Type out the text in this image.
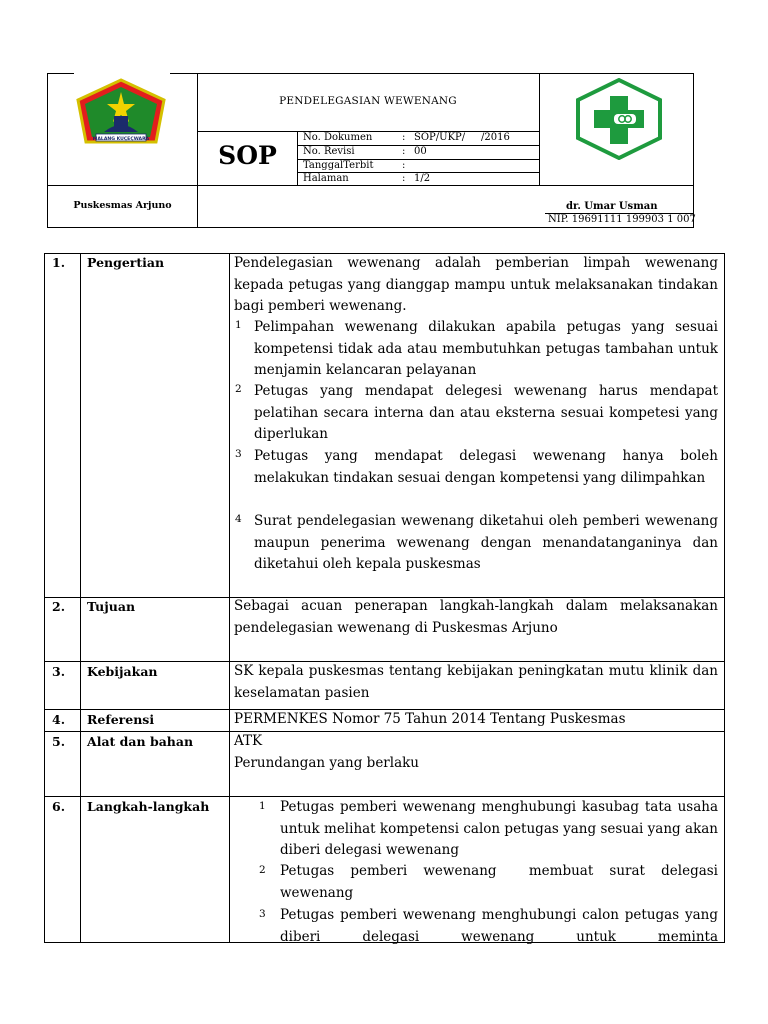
MALANG KUÇEÇWARA
PENDELEGASIAN WEWENANG
SOP
No. Dokumen	: SOP/UKP/     /2016
No. Revisi	: 00
TanggalTerbit	:
Halaman	: 1/2
Puskesmas Arjuno	dr. Umar Usman
NIP. 19691111 199903 1 007
1. Pengertian	Pendelegasian wewenang adalah pemberian limpah wewenang kepada petugas yang dianggap mampu untuk melaksanakan tindakan bagi pemberi wewenang.
1 Pelimpahan wewenang dilakukan apabila petugas yang sesuai kompetensi tidak ada atau membutuhkan petugas tambahan untuk menjamin kelancaran pelayanan
2 Petugas yang mendapat delegesi wewenang harus mendapat pelatihan secara interna dan atau eksterna sesuai kompetesi yang diperlukan
3 Petugas yang mendapat delegasi wewenang hanya boleh melakukan tindakan sesuai dengan kompetensi yang dilimpahkan
4 Surat pendelegasian wewenang diketahui oleh pemberi wewenang maupun penerima wewenang dengan menandatanganinya dan diketahui oleh kepala puskesmas
2. Tujuan	Sebagai acuan penerapan langkah-langkah dalam melaksanakan pendelegasian wewenang di Puskesmas Arjuno
3. Kebijakan	SK kepala puskesmas tentang kebijakan peningkatan mutu klinik dan keselamatan pasien
4. Referensi	PERMENKES Nomor 75 Tahun 2014 Tentang Puskesmas
5. Alat dan bahan	ATK
Perundangan yang berlaku
6. Langkah-langkah	1 Petugas pemberi wewenang menghubungi kasubag tata usaha untuk melihat kompetensi calon petugas yang sesuai yang akan diberi delegasi wewenang
2 Petugas pemberi wewenang  membuat surat delegasi wewenang
3 Petugas pemberi wewenang menghubungi calon petugas yang diberi delegasi wewenang untuk meminta
